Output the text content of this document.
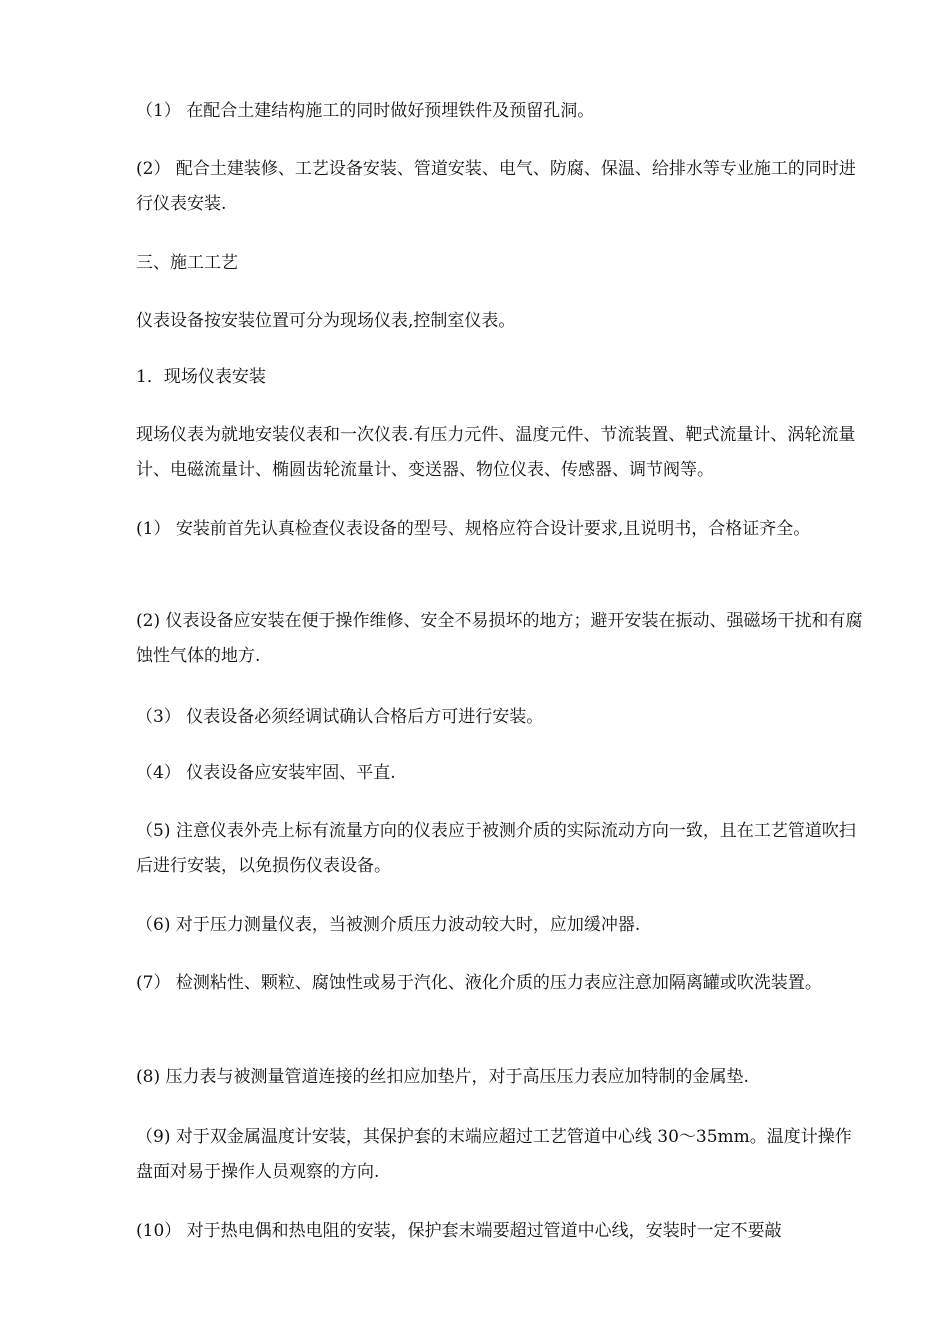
（1） 在配合土建结构施工的同时做好预埋铁件及预留孔洞。

(2） 配合土建装修、工艺设备安装、管道安装、电气、防腐、保温、给排水等专业施工的同时进行仪表安装.

三、施工工艺

仪表设备按安装位置可分为现场仪表,控制室仪表。

1．现场仪表安装

现场仪表为就地安装仪表和一次仪表.有压力元件、温度元件、节流装置、靶式流量计、涡轮流量计、电磁流量计、椭圆齿轮流量计、变送器、物位仪表、传感器、调节阀等。

(1） 安装前首先认真检查仪表设备的型号、规格应符合设计要求,且说明书，合格证齐全。

(2) 仪表设备应安装在便于操作维修、安全不易损坏的地方；避开安装在振动、强磁场干扰和有腐蚀性气体的地方.

（3） 仪表设备必须经调试确认合格后方可进行安装。

（4） 仪表设备应安装牢固、平直.

（5) 注意仪表外壳上标有流量方向的仪表应于被测介质的实际流动方向一致，且在工艺管道吹扫后进行安装，以免损伤仪表设备。

（6) 对于压力测量仪表，当被测介质压力波动较大时，应加缓冲器.

(7） 检测粘性、颗粒、腐蚀性或易于汽化、液化介质的压力表应注意加隔离罐或吹洗装置。

(8) 压力表与被测量管道连接的丝扣应加垫片，对于高压压力表应加特制的金属垫.

（9) 对于双金属温度计安装，其保护套的末端应超过工艺管道中心线 30～35mm。温度计操作盘面对易于操作人员观察的方向.

(10） 对于热电偶和热电阻的安装，保护套末端要超过管道中心线，安装时一定不要敲
